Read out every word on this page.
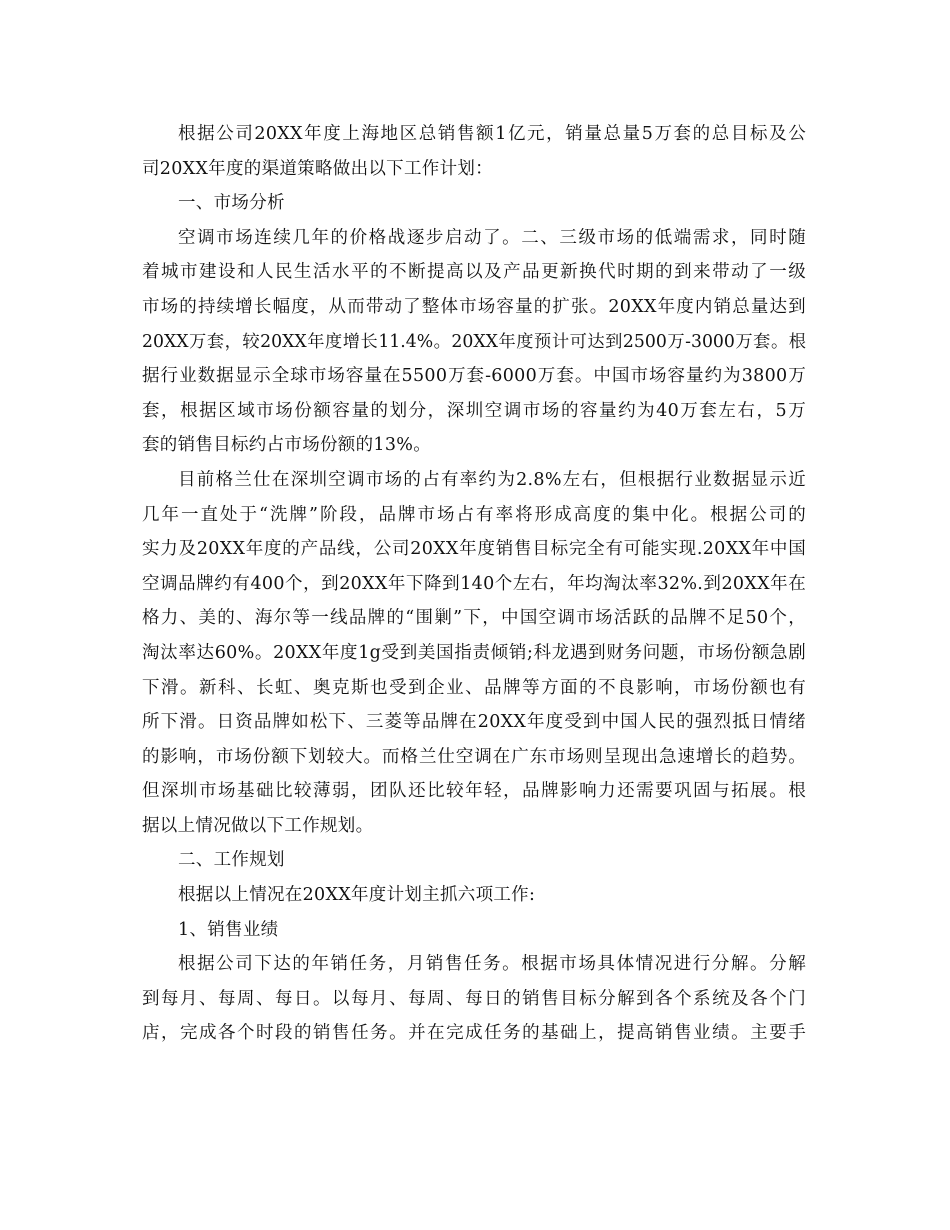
根据公司20XX年度上海地区总销售额1亿元，销量总量5万套的总目标及公
司20XX年度的渠道策略做出以下工作计划：
一、市场分析
空调市场连续几年的价格战逐步启动了。二、三级市场的低端需求，同时随
着城市建设和人民生活水平的不断提高以及产品更新换代时期的到来带动了一级
市场的持续增长幅度，从而带动了整体市场容量的扩张。20XX年度内销总量达到
20XX万套，较20XX年度增长11.4%。20XX年度预计可达到2500万-3000万套。根
据行业数据显示全球市场容量在5500万套-6000万套。中国市场容量约为3800万
套，根据区域市场份额容量的划分，深圳空调市场的容量约为40万套左右，5万
套的销售目标约占市场份额的13%。
目前格兰仕在深圳空调市场的占有率约为2.8%左右，但根据行业数据显示近
几年一直处于“洗牌”阶段，品牌市场占有率将形成高度的集中化。根据公司的
实力及20XX年度的产品线，公司20XX年度销售目标完全有可能实现.20XX年中国
空调品牌约有400个，到20XX年下降到140个左右，年均淘汰率32%.到20XX年在
格力、美的、海尔等一线品牌的“围剿”下，中国空调市场活跃的品牌不足50个，
淘汰率达60%。20XX年度1g受到美国指责倾销;科龙遇到财务问题，市场份额急剧
下滑。新科、长虹、奥克斯也受到企业、品牌等方面的不良影响，市场份额也有
所下滑。日资品牌如松下、三菱等品牌在20XX年度受到中国人民的强烈抵日情绪
的影响，市场份额下划较大。而格兰仕空调在广东市场则呈现出急速增长的趋势。
但深圳市场基础比较薄弱，团队还比较年轻，品牌影响力还需要巩固与拓展。根
据以上情况做以下工作规划。
二、工作规划
根据以上情况在20XX年度计划主抓六项工作:
1、销售业绩
根据公司下达的年销任务，月销售任务。根据市场具体情况进行分解。分解
到每月、每周、每日。以每月、每周、每日的销售目标分解到各个系统及各个门
店，完成各个时段的销售任务。并在完成任务的基础上，提高销售业绩。主要手
